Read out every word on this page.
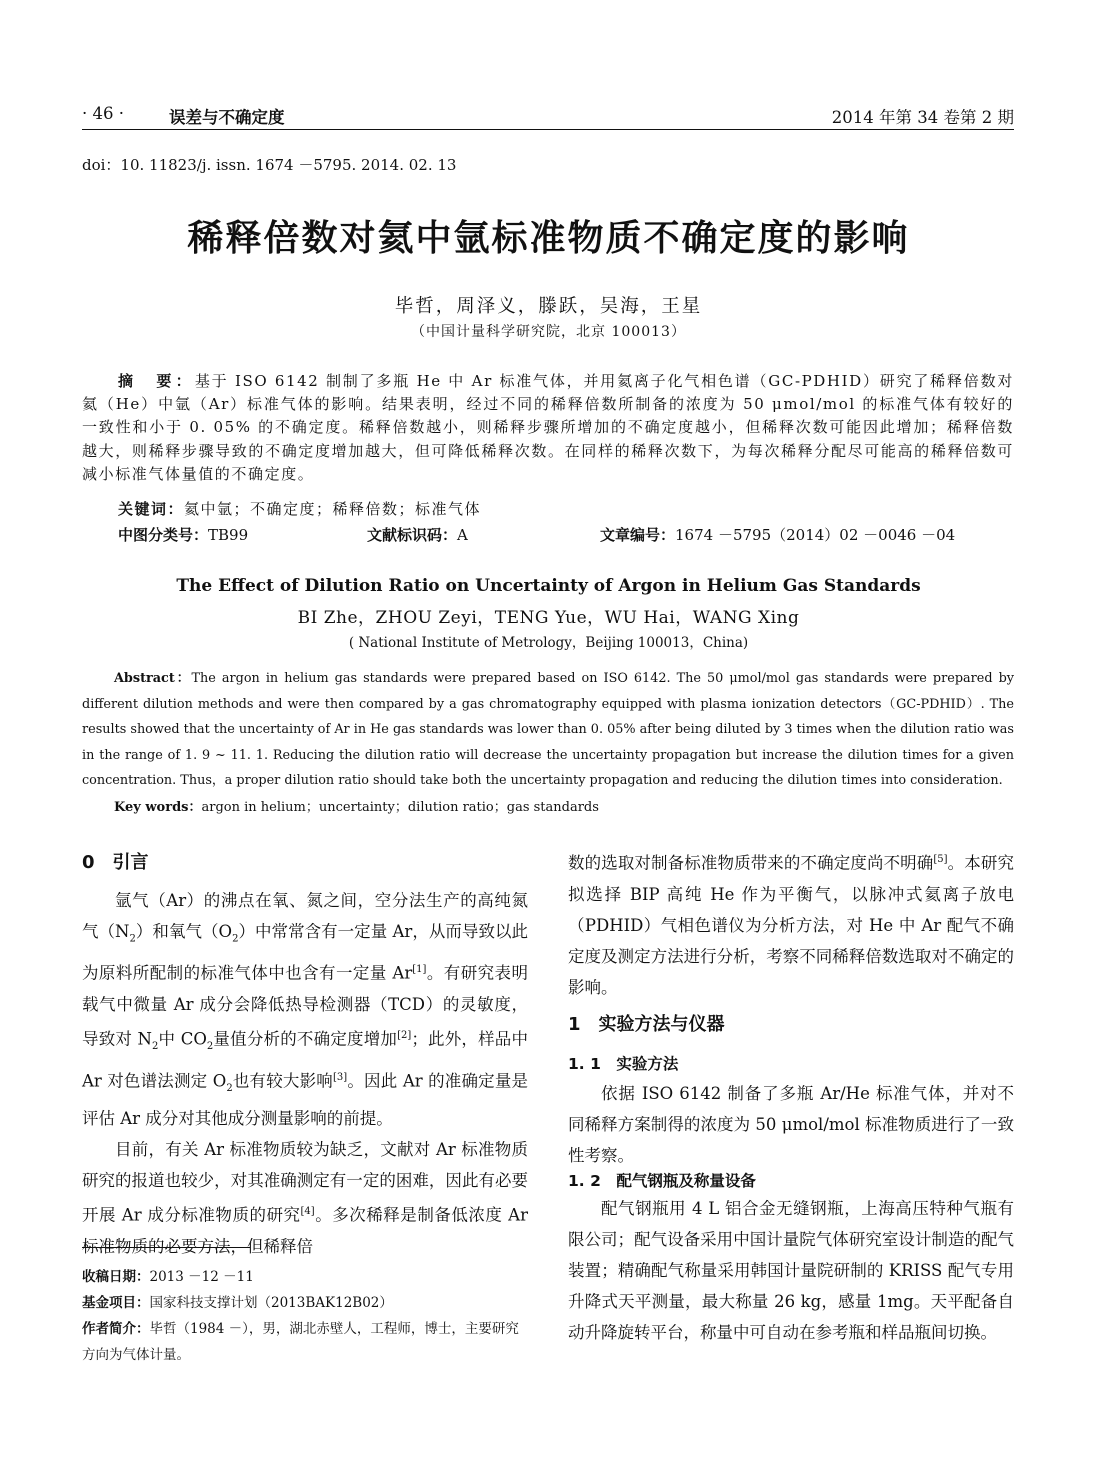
· 46 ·	误差与不确定度	2014 年第 34 卷第 2 期
doi：10. 11823/j. issn. 1674 －5795. 2014. 02. 13
稀释倍数对氦中氩标准物质不确定度的影响
毕哲，周泽义，滕跃，吴海，王星
（中国计量科学研究院，北京 100013）
摘　要：基于 ISO 6142 制制了多瓶 He 中 Ar 标准气体，并用氦离子化气相色谱（GC-PDHID）研究了稀释倍数对氦（He）中氩（Ar）标准气体的影响。结果表明，经过不同的稀释倍数所制备的浓度为 50 μmol/mol 的标准气体有较好的一致性和小于 0. 05% 的不确定度。稀释倍数越小，则稀释步骤所增加的不确定度越小，但稀释次数可能因此增加；稀释倍数越大，则稀释步骤导致的不确定度增加越大，但可降低稀释次数。在同样的稀释次数下，为每次稀释分配尽可能高的稀释倍数可减小标准气体量值的不确定度。
关键词：氦中氩；不确定度；稀释倍数；标准气体
中图分类号：TB99	文献标识码：A	文章编号：1674 －5795（2014）02 －0046 －04
The Effect of Dilution Ratio on Uncertainty of Argon in Helium Gas Standards
BI Zhe，ZHOU Zeyi，TENG Yue，WU Hai，WANG Xing
( National Institute of Metrology，Beijing 100013，China)
Abstract：The argon in helium gas standards were prepared based on ISO 6142. The 50 μmol/mol gas standards were prepared by different dilution methods and were then compared by a gas chromatography equipped with plasma ionization detectors（GC-PDHID）. The results showed that the uncertainty of Ar in He gas standards was lower than 0. 05% after being diluted by 3 times when the dilution ratio was in the range of 1. 9 ~ 11. 1. Reducing the dilution ratio will decrease the uncertainty propagation but increase the dilution times for a given concentration. Thus，a proper dilution ratio should take both the uncertainty propagation and reducing the dilution times into consideration.
Key words：argon in helium；uncertainty；dilution ratio；gas standards
0　引言

氩气（Ar）的沸点在氧、氮之间，空分法生产的高纯氮气$(N_2)$和氧气$(O_2)$中常常含有一定量 Ar，从而导致以此为原料所配制的标准气体中也含有一定量 Ar[1]。有研究表明载气中微量 Ar 成分会降低热导检测器（TCD）的灵敏度，导致对 $N_2$中 $CO_2$量值分析的不确定度增加[2]；此外，样品中 Ar 对色谱法测定 $O_2$也有较大影响[3]。因此 Ar 的准确定量是评估 Ar 成分对其他成分测量影响的前提。

目前，有关 Ar 标准物质较为缺乏，文献对 Ar 标准物质研究的报道也较少，对其准确测定有一定的困难，因此有必要开展 Ar 成分标准物质的研究[4]。多次稀释是制备低浓度 Ar 标准物质的必要方法，但稀释倍

收稿日期：2013 －12 －11
基金项目：国家科技支撑计划（2013BAK12B02）
作者简介：毕哲（1984 －），男，湖北赤壁人，工程师，博士，主要研究方向为气体计量。
数的选取对制备标准物质带来的不确定度尚不明确[5]。本研究拟选择 BIP 高纯 He 作为平衡气，以脉冲式氦离子放电（PDHID）气相色谱仪为分析方法，对 He 中 Ar 配气不确定度及测定方法进行分析，考察不同稀释倍数选取对不确定的影响。
1　实验方法与仪器
1. 1　实验方法

依据 ISO 6142 制备了多瓶 Ar/He 标准气体，并对不同稀释方案制得的浓度为 50 μmol/mol 标准物质进行了一致性考察。

1. 2　配气钢瓶及称量设备

配气钢瓶用 4 L 铝合金无缝钢瓶，上海高压特种气瓶有限公司；配气设备采用中国计量院气体研究室设计制造的配气装置；精确配气称量采用韩国计量院研制的 KRISS 配气专用升降式天平测量，最大称量 26 kg，感量 1mg。天平配备自动升降旋转平台，称量中可自动在参考瓶和样品瓶间切换。
